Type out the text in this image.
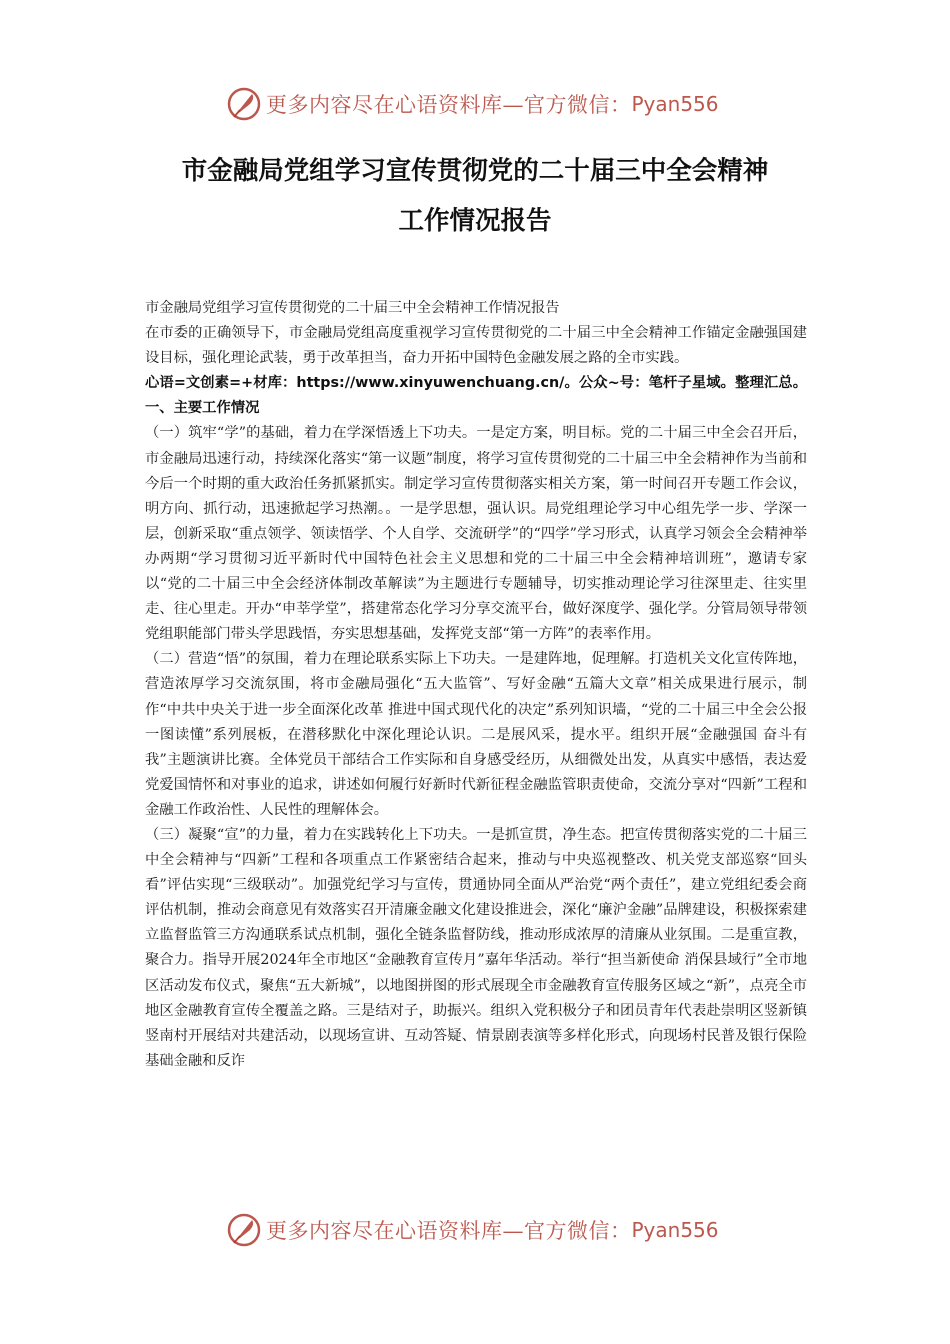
更多内容尽在心语资料库—官方微信： Pyan556
市金融局党组学习宣传贯彻党的二十届三中全会精神
工作情况报告

市金融局党组学习宣传贯彻党的二十届三中全会精神工作情况报告

在市委的正确领导下，市金融局党组高度重视学习宣传贯彻党的二十届三中全会精神工作锚定金融强国建设目标，强化理论武装，勇于改革担当，奋力开拓中国特色金融发展之路的全市实践。

心语=文创素=+材库：https://www.xinyuwenchuang.cn/。公众~号：笔杆子星域。整理汇总。一、主要工作情况

（一）筑牢“学”的基础，着力在学深悟透上下功夫。一是定方案，明目标。党的二十届三中全会召开后，市金融局迅速行动，持续深化落实“第一议题”制度，将学习宣传贯彻党的二十届三中全会精神作为当前和今后一个时期的重大政治任务抓紧抓实。制定学习宣传贯彻落实相关方案，第一时间召开专题工作会议，明方向、抓行动，迅速掀起学习热潮。。一是学思想，强认识。局党组理论学习中心组先学一步、学深一层，创新采取“重点领学、领读悟学、个人自学、交流研学”的“四学”学习形式，认真学习领会全会精神举办两期“学习贯彻习近平新时代中国特色社会主义思想和党的二十届三中全会精神培训班”，邀请专家以“党的二十届三中全会经济体制改革解读”为主题进行专题辅导，切实推动理论学习往深里走、往实里走、往心里走。开办“申莘学堂”，搭建常态化学习分享交流平台，做好深度学、强化学。分管局领导带领党组职能部门带头学思践悟，夯实思想基础，发挥党支部“第一方阵”的表率作用。

（二）营造“悟”的氛围，着力在理论联系实际上下功夫。一是建阵地，促理解。打造机关文化宣传阵地，营造浓厚学习交流氛围，将市金融局强化“五大监管”、写好金融“五篇大文章”相关成果进行展示，制作“中共中央关于进一步全面深化改革 推进中国式现代化的决定”系列知识墙，“党的二十届三中全会公报一图读懂”系列展板，在潜移默化中深化理论认识。二是展风采，提水平。组织开展“金融强国 奋斗有我”主题演讲比赛。全体党员干部结合工作实际和自身感受经历，从细微处出发，从真实中感悟，表达爱党爱国情怀和对事业的追求，讲述如何履行好新时代新征程金融监管职责使命，交流分享对“四新”工程和金融工作政治性、人民性的理解体会。

（三）凝聚“宣”的力量，着力在实践转化上下功夫。一是抓宣贯，净生态。把宣传贯彻落实党的二十届三中全会精神与“四新”工程和各项重点工作紧密结合起来，推动与中央巡视整改、机关党支部巡察“回头看”评估实现“三级联动”。加强党纪学习与宣传，贯通协同全面从严治党“两个责任”，建立党组纪委会商评估机制，推动会商意见有效落实召开清廉金融文化建设推进会，深化“廉沪金融”品牌建设，积极探索建立监督监管三方沟通联系试点机制，强化全链条监督防线，推动形成浓厚的清廉从业氛围。二是重宣教，聚合力。指导开展2024年全市地区“金融教育宣传月”嘉年华活动。举行“担当新使命 消保县域行”全市地区活动发布仪式，聚焦“五大新城”，以地图拼图的形式展现全市金融教育宣传服务区域之“新”，点亮全市地区金融教育宣传全覆盖之路。三是结对子，助振兴。组织入党积极分子和团员青年代表赴崇明区竖新镇竖南村开展结对共建活动，以现场宣讲、互动答疑、情景剧表演等多样化形式，向现场村民普及银行保险基础金融和反诈

更多内容尽在心语资料库—官方微信： Pyan556
